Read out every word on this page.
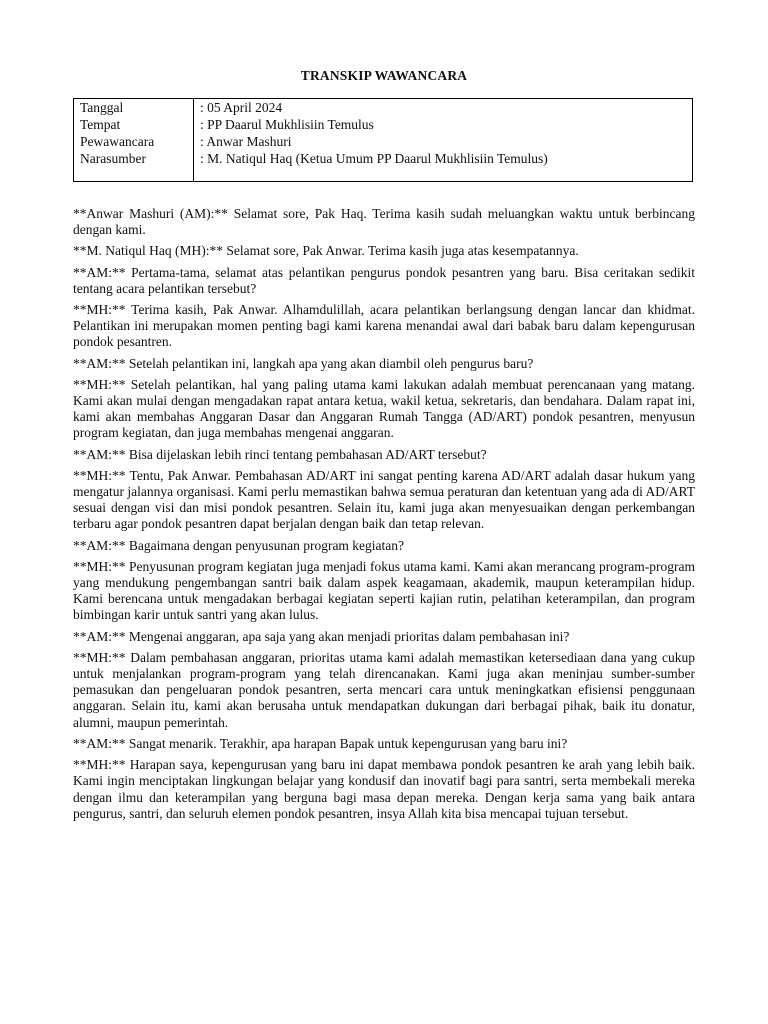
TRANSKIP WAWANCARA
Tanggal
Tempat
Pewawancara
Narasumber
: 05 April 2024
: PP Daarul Mukhlisiin Temulus
: Anwar Mashuri
: M. Natiqul Haq (Ketua Umum PP Daarul Mukhlisiin Temulus)

**Anwar Mashuri (AM):** Selamat sore, Pak Haq. Terima kasih sudah meluangkan waktu untuk berbincang dengan kami.

**M. Natiqul Haq (MH):** Selamat sore, Pak Anwar. Terima kasih juga atas kesempatannya.

**AM:** Pertama-tama, selamat atas pelantikan pengurus pondok pesantren yang baru. Bisa ceritakan sedikit tentang acara pelantikan tersebut?

**MH:** Terima kasih, Pak Anwar. Alhamdulillah, acara pelantikan berlangsung dengan lancar dan khidmat. Pelantikan ini merupakan momen penting bagi kami karena menandai awal dari babak baru dalam kepengurusan pondok pesantren.

**AM:** Setelah pelantikan ini, langkah apa yang akan diambil oleh pengurus baru?

**MH:** Setelah pelantikan, hal yang paling utama kami lakukan adalah membuat perencanaan yang matang. Kami akan mulai dengan mengadakan rapat antara ketua, wakil ketua, sekretaris, dan bendahara. Dalam rapat ini, kami akan membahas Anggaran Dasar dan Anggaran Rumah Tangga (AD/ART) pondok pesantren, menyusun program kegiatan, dan juga membahas mengenai anggaran.

**AM:** Bisa dijelaskan lebih rinci tentang pembahasan AD/ART tersebut?

**MH:** Tentu, Pak Anwar. Pembahasan AD/ART ini sangat penting karena AD/ART adalah dasar hukum yang mengatur jalannya organisasi. Kami perlu memastikan bahwa semua peraturan dan ketentuan yang ada di AD/ART sesuai dengan visi dan misi pondok pesantren. Selain itu, kami juga akan menyesuaikan dengan perkembangan terbaru agar pondok pesantren dapat berjalan dengan baik dan tetap relevan.

**AM:** Bagaimana dengan penyusunan program kegiatan?

**MH:** Penyusunan program kegiatan juga menjadi fokus utama kami. Kami akan merancang program-program yang mendukung pengembangan santri baik dalam aspek keagamaan, akademik, maupun keterampilan hidup. Kami berencana untuk mengadakan berbagai kegiatan seperti kajian rutin, pelatihan keterampilan, dan program bimbingan karir untuk santri yang akan lulus.

**AM:** Mengenai anggaran, apa saja yang akan menjadi prioritas dalam pembahasan ini?

**MH:** Dalam pembahasan anggaran, prioritas utama kami adalah memastikan ketersediaan dana yang cukup untuk menjalankan program-program yang telah direncanakan. Kami juga akan meninjau sumber-sumber pemasukan dan pengeluaran pondok pesantren, serta mencari cara untuk meningkatkan efisiensi penggunaan anggaran. Selain itu, kami akan berusaha untuk mendapatkan dukungan dari berbagai pihak, baik itu donatur, alumni, maupun pemerintah.

**AM:** Sangat menarik. Terakhir, apa harapan Bapak untuk kepengurusan yang baru ini?

**MH:** Harapan saya, kepengurusan yang baru ini dapat membawa pondok pesantren ke arah yang lebih baik. Kami ingin menciptakan lingkungan belajar yang kondusif dan inovatif bagi para santri, serta membekali mereka dengan ilmu dan keterampilan yang berguna bagi masa depan mereka. Dengan kerja sama yang baik antara pengurus, santri, dan seluruh elemen pondok pesantren, insya Allah kita bisa mencapai tujuan tersebut.
